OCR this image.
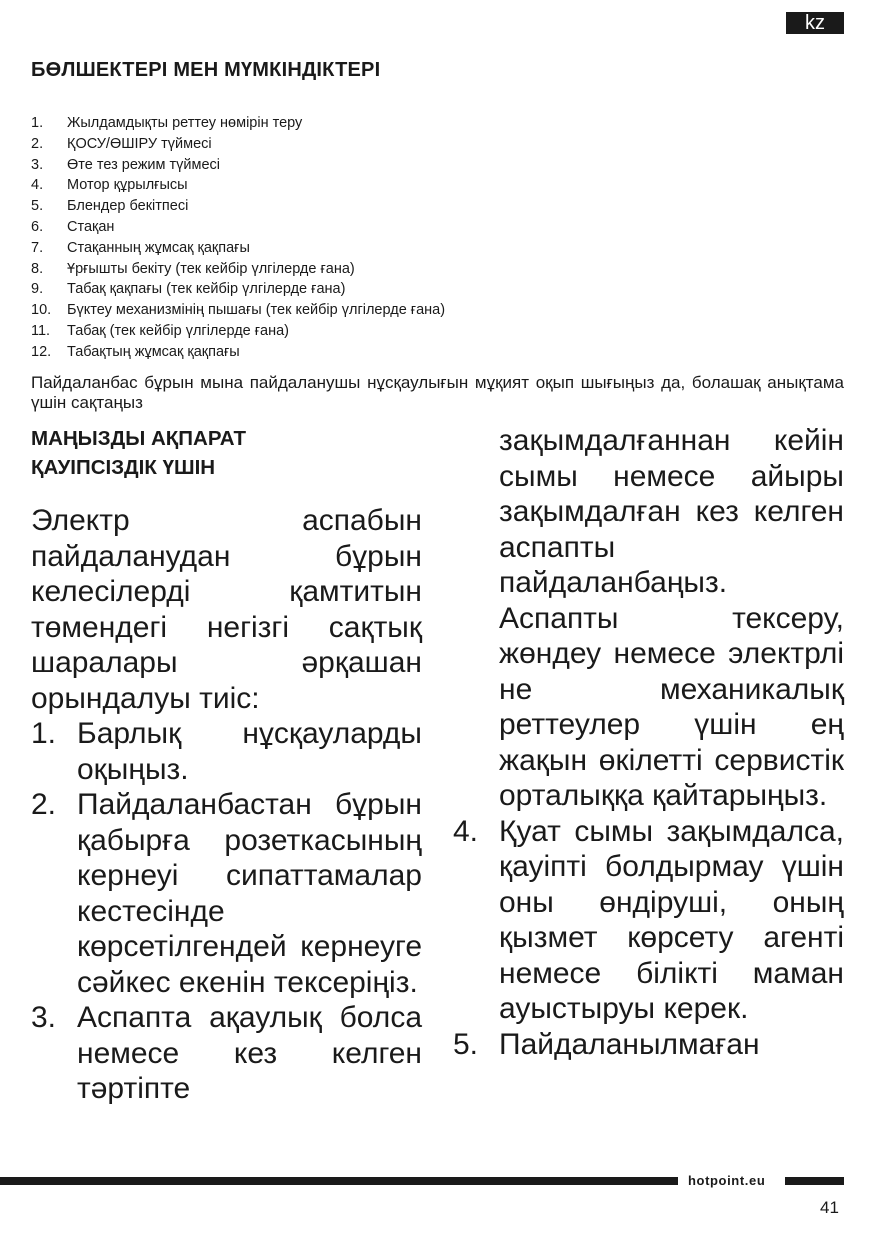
kz
БӨЛШЕКТЕРІ МЕН МҮМКІНДІКТЕРІ
1.	Жылдамдықты реттеу нөмірін теру
2.	ҚОСУ/ӨШІРУ түймесі
3.	Өте тез режим түймесі
4.	Мотор құрылғысы
5.	Блендер бекітпесі
6.	Стақан
7.	Стақанның жұмсақ қақпағы
8.	Ұрғышты бекіту (тек кейбір үлгілерде ғана)
9.	Табақ қақпағы (тек кейбір үлгілерде ғана)
10.	Бүктеу механизмінің пышағы (тек кейбір үлгілерде ғана)
11.	Табақ (тек кейбір үлгілерде ғана)
12.	Табақтың жұмсақ қақпағы

Пайдаланбас бұрын мына пайдаланушы нұсқаулығын мұқият оқып шығыңыз да, болашақ анықтама үшін сақтаңыз

МАҢЫЗДЫ АҚПАРАТ
ҚАУІПСІЗДІК ҮШІН

Электр аспабын пайдаланудан бұрын келесілерді қамтитын төмендегі негізгі сақтық шаралары әрқашан орындалуы тиіс:

1. Барлық нұсқауларды оқыңыз.
2. Пайдаланбастан бұрын қабырға розеткасының кернеуі сипаттамалар кестесінде көрсетілгендей кернеуге сәйкес екенін тексеріңіз.
3. Аспапта ақаулық болса немесе кез келген тәртіпте

зақымдалғаннан кейін сымы немесе айыры зақымдалған кез келген аспапты пайдаланбаңыз. Аспапты тексеру, жөндеу немесе электрлі не механикалық реттеулер үшін ең жақын өкілетті сервистік орталыққа қайтарыңыз.

4. Қуат сымы зақымдалса, қауіпті болдырмау үшін оны өндіруші, оның қызмет көрсету агенті немесе білікті маман ауыстыруы керек.
5. Пайдаланылмаған
hotpoint.eu
41
